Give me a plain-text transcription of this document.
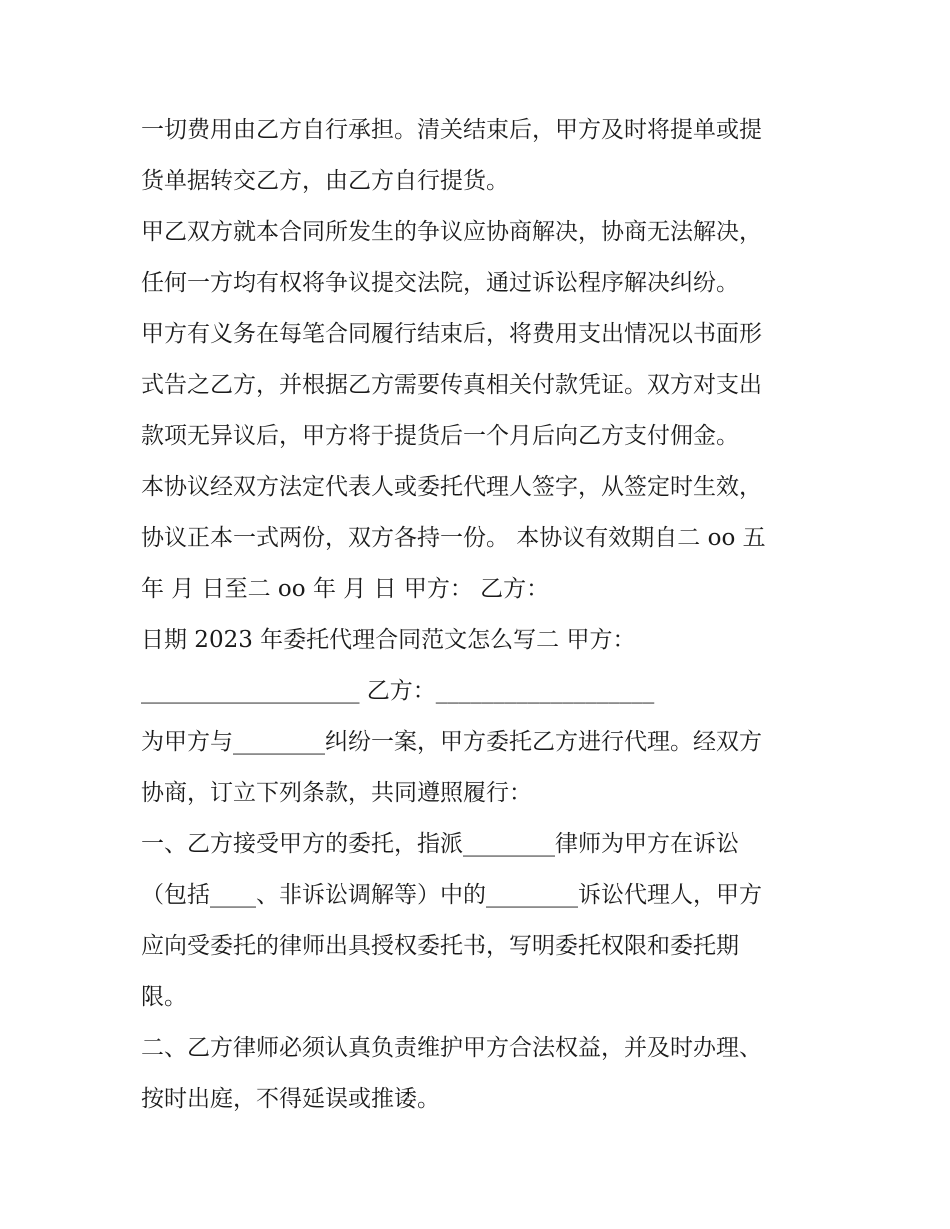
一切费用由乙方自行承担。清关结束后，甲方及时将提单或提
货单据转交乙方，由乙方自行提货。
甲乙双方就本合同所发生的争议应协商解决，协商无法解决，
任何一方均有权将争议提交法院，通过诉讼程序解决纠纷。
甲方有义务在每笔合同履行结束后，将费用支出情况以书面形
式告之乙方，并根据乙方需要传真相关付款凭证。双方对支出
款项无异议后，甲方将于提货后一个月后向乙方支付佣金。
本协议经双方法定代表人或委托代理人签字，从签定时生效，
协议正本一式两份，双方各持一份。 本协议有效期自二 oo 五
年 月 日至二 oo 年 月 日 甲方： 乙方：
日期 2023 年委托代理合同范文怎么写二 甲方：
___________________ 乙方：___________________
为甲方与________纠纷一案，甲方委托乙方进行代理。经双方
协商，订立下列条款，共同遵照履行：
一、乙方接受甲方的委托，指派________律师为甲方在诉讼
（包括____、非诉讼调解等）中的________诉讼代理人，甲方
应向受委托的律师出具授权委托书，写明委托权限和委托期
限。
二、乙方律师必须认真负责维护甲方合法权益，并及时办理、
按时出庭，不得延误或推诿。
